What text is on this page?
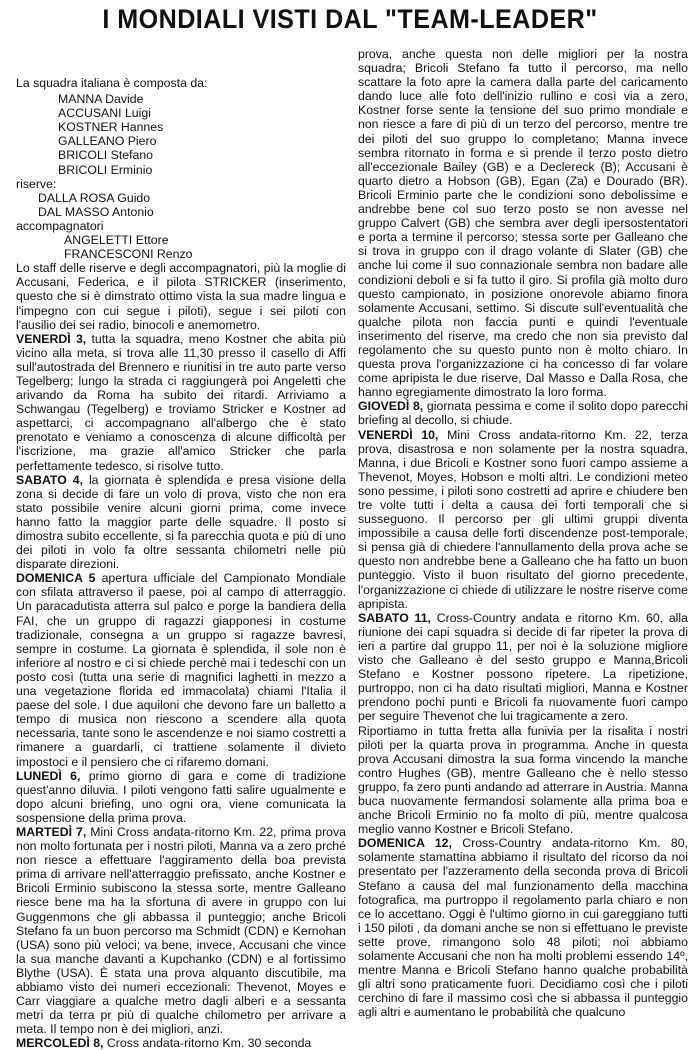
I MONDIALI VISTI DAL "TEAM-LEADER"

La squadra italiana è composta da:

MANNA Davide
ACCUSANI Luigi
KOSTNER Hannes
GALLEANO Piero
BRICOLI Stefano
BRICOLI Erminio
riserve:
DALLA ROSA Guido
DAL MASSO Antonio
accompagnatori
ANGELETTI Ettore
FRANCESCONI Renzo

Lo staff delle riserve e degli accompagnatori, più la moglie di Accusani, Federica, e il pilota STRICKER (inserimento, questo che si è dimstrato ottimo vista la sua madre lingua e l'impegno con cui segue i piloti), segue i sei piloti con l'ausilio dei sei radio, binocoli e anemometro.

VENERDÌ 3, tutta la squadra, meno Kostner che abita più vicino alla meta, si trova alle 11,30 presso il casello di Affi sull'autostrada del Brennero e riunitisi in tre auto parte verso Tegelberg; lungo la strada ci raggiungerà poi Angeletti che arivando da Roma ha subito dei ritardi. Arriviamo a Schwangau (Tegelberg) e troviamo Stricker e Kostner ad aspettarci, ci accompagnano all'albergo che è stato prenotato e veniamo a conoscenza di alcune difficoltà per l'iscrizione, ma grazie all'amico Stricker che parla perfettamente tedesco, si risolve tutto.

SABATO 4, la giornata è splendida e presa visione della zona si decide di fare un volo di prova, visto che non era stato possibile venire alcuni giorni prima, come invece hanno fatto la maggior parte delle squadre. Il posto si dimostra subito eccellente, si fa parecchia quota e più di uno dei piloti in volo fa oltre sessanta chilometri nelle più disparate direzioni.

DOMENICA 5 apertura ufficiale del Campionato Mondiale con sfilata attraverso il paese, poi al campo di atterraggio. Un paracadutista atterra sul palco e porge la bandiera della FAI, che un gruppo di ragazzi giapponesi in costume tradizionale, consegna a un gruppo si ragazze bavresi, sempre in costume. La giornata è splendida, il sole non è inferiore al nostro e ci si chiede perchè mai i tedeschi con un posto così (tutta una serie di magnifici laghetti in mezzo a una vegetazione florida ed immacolata) chiami l'Italia il paese del sole. I due aquiloni che devono fare un balletto a tempo di musica non riescono a scendere alla quota necessaria, tante sono le ascendenze e noi siamo costretti a rimanere a guardarli, ci trattiene solamente il divieto impostoci e il pensiero che ci rifaremo domani.

LUNEDÌ 6, primo giorno di gara e come di tradizione quest'anno diluvia. I piloti vengono fatti salire ugualmente e dopo alcuni briefing, uno ogni ora, viene comunicata la sospensione della prima prova.

MARTEDÌ 7, Mini Cross andata-ritorno Km. 22, prima prova non molto fortunata per i nostri piloti, Manna va a zero prché non riesce a effettuare l'aggiramento della boa prevista prima di arrivare nell'atterraggio prefissato, anche Kostner e Bricoli Erminio subiscono la stessa sorte, mentre Galleano riesce bene ma ha la sfortuna di avere in gruppo con lui Guggenmons che gli abbassa il punteggio; anche Bricoli Stefano fa un buon percorso ma Schmidt (CDN) e Kernohan (USA) sono più veloci; va bene, invece, Accusani che vince la sua manche davanti a Kupchanko (CDN) e al fortissimo Blythe (USA). È stata una prova alquanto discutibile, ma abbiamo visto dei numeri eccezionali: Thevenot, Moyes e Carr viaggiare a qualche metro dagli alberi e a sessanta metri da terra pr più di qualche chilometro per arrivare a meta. Il tempo non è dei migliori, anzi.

MERCOLEDÌ 8, Cross andata-ritorno Km. 30 seconda

prova, anche questa non delle migliori per la nostra squadra; Bricoli Stefano fa tutto il percorso, ma nello scattare la foto apre la camera dalla parte del caricamento dando luce alle foto dell'inizio rullino e così via a zero, Kostner forse sente la tensione del suo primo mondiale e non riesce a fare di più di un terzo del percorso, mentre tre dei piloti del suo gruppo lo completano; Manna invece sembra ritornato in forma e si prende il terzo posto dietro all'eccezionale Bailey (GB) e a Declereck (B); Accusani è quarto dietro a Hobson (GB), Egan (Za) e Dourado (BR). Bricoli Erminio parte che le condizioni sono debolissime e andrebbe bene col suo terzo posto se non avesse nel gruppo Calvert (GB) che sembra aver degli ipersostentatori e porta a termine il percorso; stessa sorte per Galleano che si trova in gruppo con il drago volante di Slater (GB) che anche lui come il suo connazionale sembra non badare alle condizioni deboli e si fa tutto il giro. Si profila già molto duro questo campionato, in posizione onorevole abiamo finora solamente Accusani, settimo. Si discute sull'eventualità che qualche pilota non faccia punti e quindi l'eventuale inserimento del riserve, ma credo che non sia previsto dal regolamento che su questo punto non è molto chiaro. In questa prova l'organizzazione ci ha concesso di far volare come apripista le due riserve, Dal Masso e Dalla Rosa, che hanno egregiamente dimostrato la loro forma.

GIOVEDÌ 8, giornata pessima e come il solito dopo parecchi briefing al decollo, si chiude.

VENERDÌ 10, Mini Cross andata-ritorno Km. 22, terza prova, disastrosa e non solamente per la nostra squadra, Manna, i due Bricoli e Kostner sono fuori campo assieme a Thevenot, Moyes, Hobson e molti altri. Le condizioni meteo sono pessime, i piloti sono costretti ad aprire e chiudere ben tre volte tutti i delta a causa dei forti temporali che si susseguono. Il percorso per gli ultimi gruppi diventa impossibile a causa delle forti discendenze post-temporale, si pensa già di chiedere l'annullamento della prova ache se questo non andrebbe bene a Galleano che ha fatto un buon punteggio. Visto il buon risultato del giorno precedente, l'organizzazione ci chiede di utilizzare le nostre riserve come apripista.

SABATO 11, Cross-Country andata e ritorno Km. 60, alla riunione dei capi squadra si decide di far ripeter la prova di ieri a partire dal gruppo 11, per noi è la soluzione migliore visto che Galleano è del sesto gruppo e Manna,Bricoli Stefano e Kostner possono ripetere. La ripetizione, purtroppo, non ci ha dato risultati migliori, Manna e Kostner prendono pochi punti e Bricoli fa nuovamente fuori campo per seguire Thevenot che lui tragicamente a zero.

Riportiamo in tutta fretta alla funivia per la risalita i nostri piloti per la quarta prova in programma. Anche in questa prova Accusani dimostra la sua forma vincendo la manche contro Hughes (GB), mentre Galleano che è nello stesso gruppo, fa zero punti andando ad atterrare in Austria. Manna buca nuovamente fermandosi solamente alla prima boa e anche Bricoli Erminio no fa molto di più, mentre qualcosa meglio vanno Kostner e Bricoli Stefano.

DOMENICA 12, Cross-Country andata-ritorno Km. 80, solamente stamattina abbiamo il risultato del ricorso da noi presentato per l'azzeramento della seconda prova di Bricoli Stefano a causa del mal funzionamento della macchina fotografica, ma purtroppo il regolamento parla chiaro e non ce lo accettano. Oggi è l'ultimo giorno in cui gareggiano tutti i 150 piloti , da domani anche se non si effettuano le previste sette prove, rimangono solo 48 piloti; noi abbiamo solamente Accusani che non ha molti problemi essendo 14º, mentre Manna e Bricoli Stefano hanno qualche probabilità gli altri sono praticamente fuori. Decidiamo così che i piloti cerchino di fare il massimo così che si abbassa il punteggio agli altri e aumentano le probabilità che qualcuno
